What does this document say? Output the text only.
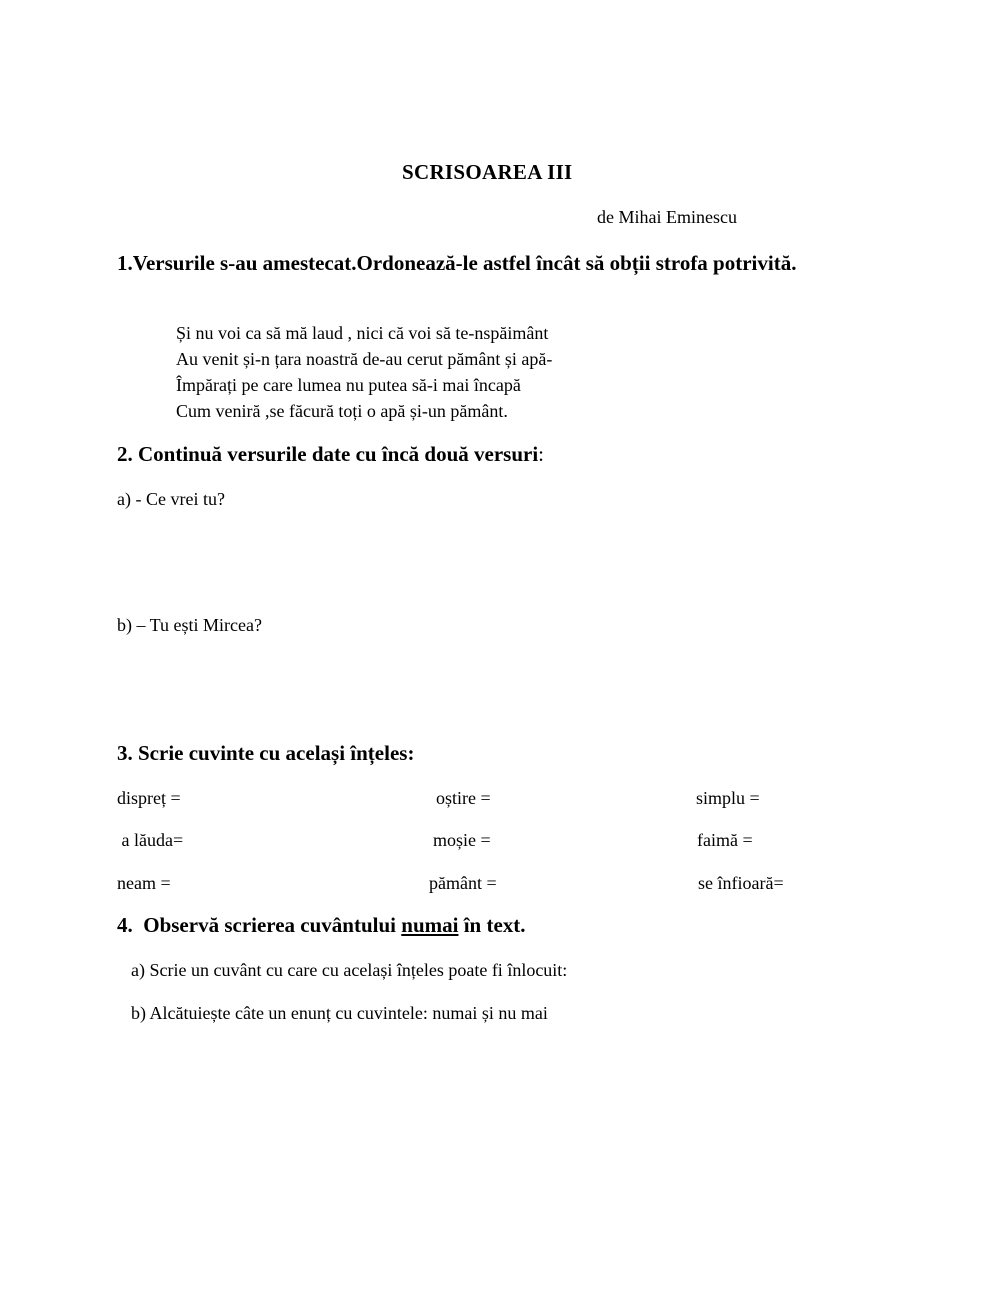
SCRISOAREA III
de Mihai Eminescu
1.Versurile s-au amestecat.Ordonează-le astfel încât să obții strofa potrivită.
Și nu voi ca să mă laud , nici că voi să te-nspăimânt
Au venit și-n țara noastră de-au cerut pământ și apă-
Împărați pe care lumea nu putea să-i mai încapă
Cum veniră ,se făcură toți o apă și-un pământ.
2. Continuă versurile date cu încă două versuri:
a) - Ce vrei tu?
b) – Tu ești Mircea?
3. Scrie cuvinte cu același înțeles:
dispreț =	oștire =	simplu =
a lăuda=	moșie =	faimă =
neam =	pământ =	se înfioară=
4.  Observă scrierea cuvântului numai în text.
a) Scrie un cuvânt cu care cu același înțeles poate fi înlocuit:
b) Alcătuiește câte un enunț cu cuvintele: numai și nu mai
